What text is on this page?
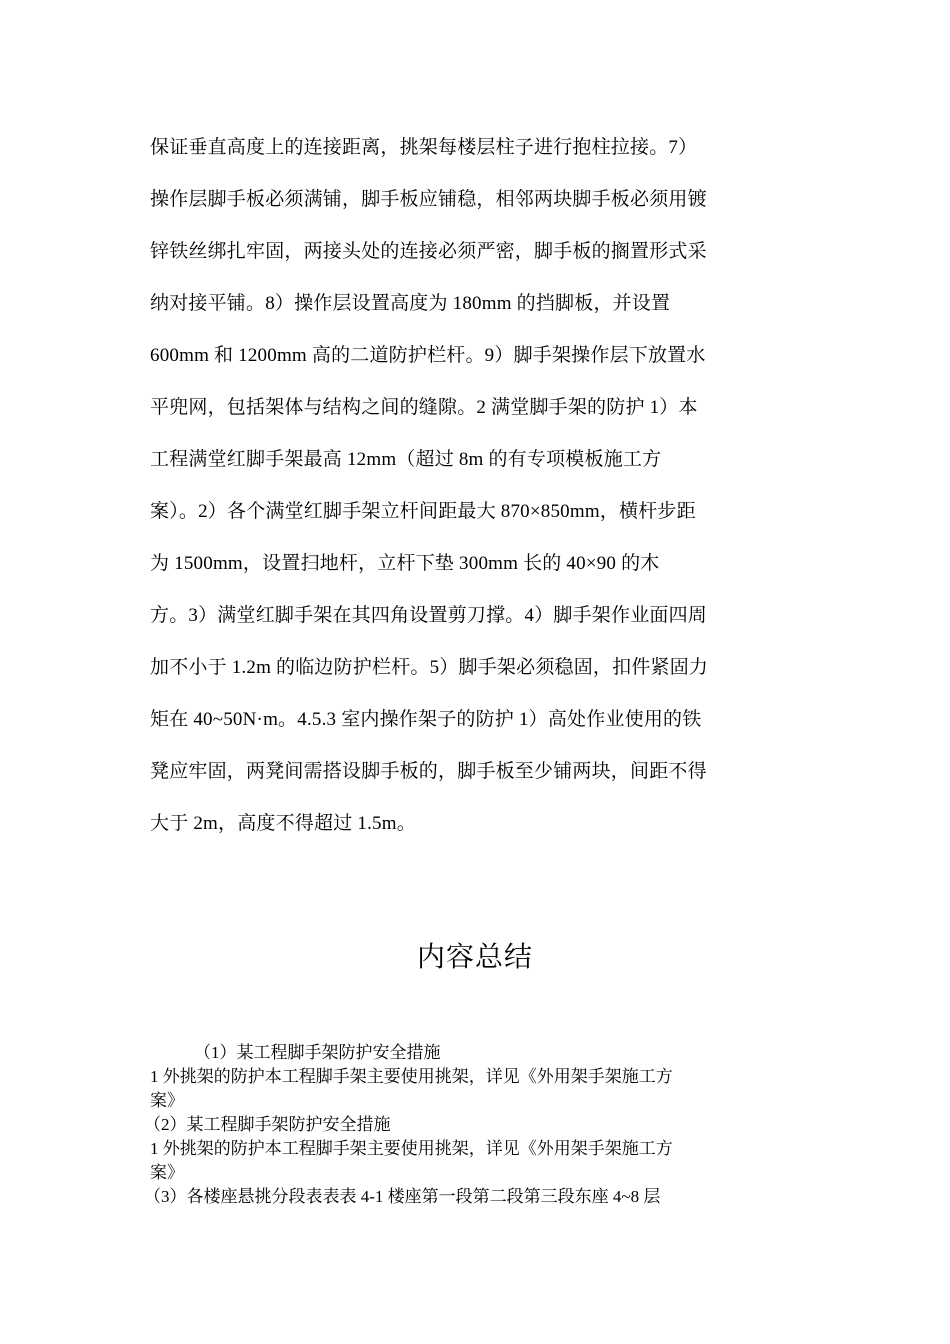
保证垂直高度上的连接距离，挑架每楼层柱子进行抱柱拉接。7）
操作层脚手板必须满铺，脚手板应铺稳，相邻两块脚手板必须用镀
锌铁丝绑扎牢固，两接头处的连接必须严密，脚手板的搁置形式采
纳对接平铺。8）操作层设置高度为 180mm 的挡脚板，并设置
600mm 和 1200mm 高的二道防护栏杆。9）脚手架操作层下放置水
平兜网，包括架体与结构之间的缝隙。2 满堂脚手架的防护 1）本
工程满堂红脚手架最高 12mm（超过 8m 的有专项模板施工方
案）。2）各个满堂红脚手架立杆间距最大 870×850mm，横杆步距
为 1500mm，设置扫地杆，立杆下垫 300mm 长的 40×90 的木
方。3）满堂红脚手架在其四角设置剪刀撑。4）脚手架作业面四周
加不小于 1.2m 的临边防护栏杆。5）脚手架必须稳固，扣件紧固力
矩在 40~50N·m。4.5.3 室内操作架子的防护 1）高处作业使用的铁
凳应牢固，两凳间需搭设脚手板的，脚手板至少铺两块，间距不得
大于 2m，高度不得超过 1.5m。
内容总结
（1）某工程脚手架防护安全措施
1 外挑架的防护本工程脚手架主要使用挑架，详见《外用架手架施工方
案》
（2）某工程脚手架防护安全措施
1 外挑架的防护本工程脚手架主要使用挑架，详见《外用架手架施工方
案》
（3）各楼座悬挑分段表表表 4-1 楼座第一段第二段第三段东座 4~8 层
